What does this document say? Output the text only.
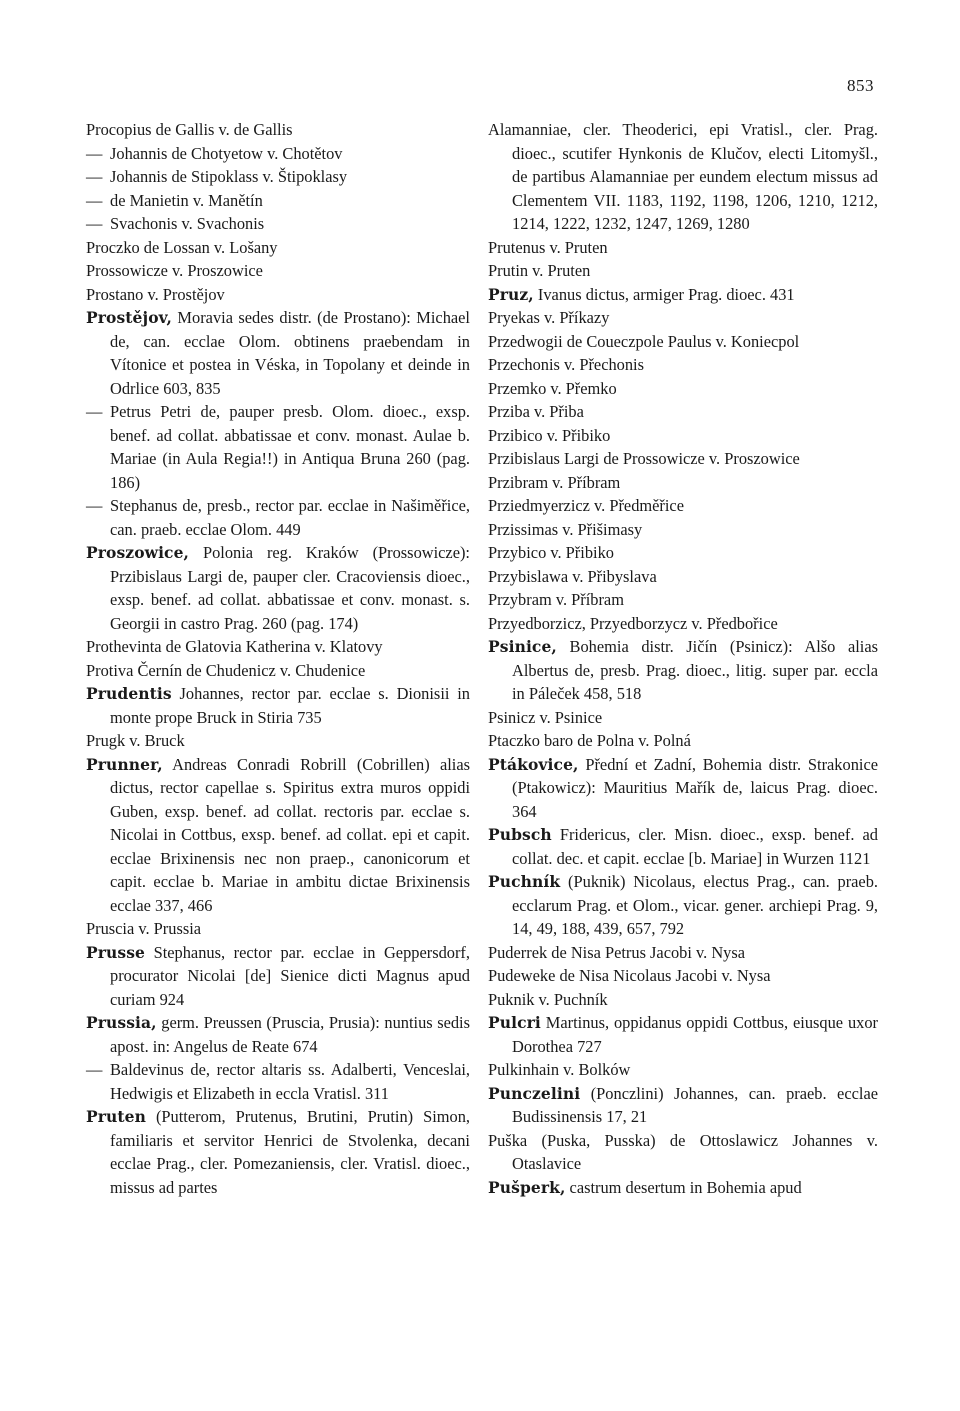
853
Procopius de Gallis v. de Gallis
— Johannis de Chotyetow v. Chotětov
— Johannis de Stipoklass v. Štipoklasy
— de Manietin v. Manětín
— Svachonis v. Svachonis
Proczko de Lossan v. Lošany
Prossowicze v. Proszowice
Prostano v. Prostějov
Prostějov, Moravia sedes distr. (de Prostano): Michael de, can. ecclae Olom. obtinens praebendam in Vítonice et postea in Véska, in Topolany et deinde in Odrlice 603, 835
— Petrus Petri de, pauper presb. Olom. dioec., exsp. benef. ad collat. abbatissae et conv. monast. Aulae b. Mariae (in Aula Regia!!) in Antiqua Bruna 260 (pag. 186)
— Stephanus de, presb., rector par. ecclae in Našiměřice, can. praeb. ecclae Olom. 449
Proszowice, Polonia reg. Kraków (Prossowicze): Przibislaus Largi de, pauper cler. Cracoviensis dioec., exsp. benef. ad collat. abbatissae et conv. monast. s. Georgii in castro Prag. 260 (pag. 174)
Prothevinta de Glatovia Katherina v. Klatovy
Protiva Černín de Chudenicz v. Chudenice
Prudentis Johannes, rector par. ecclae s. Dionisii in monte prope Bruck in Stiria 735
Prugk v. Bruck
Prunner, Andreas Conradi Robrill (Cobrillen) alias dictus, rector capellae s. Spiritus extra muros oppidi Guben, exsp. benef. ad collat. rectoris par. ecclae s. Nicolai in Cottbus, exsp. benef. ad collat. epi et capit. ecclae Brixinensis nec non praep., canonicorum et capit. ecclae b. Mariae in ambitu dictae Brixinensis ecclae 337, 466
Pruscia v. Prussia
Prusse Stephanus, rector par. ecclae in Geppersdorf, procurator Nicolai [de] Sienice dicti Magnus apud curiam 924
Prussia, germ. Preussen (Pruscia, Prusia): nuntius sedis apost. in: Angelus de Reate 674
— Baldevinus de, rector altaris ss. Adalberti, Venceslai, Hedwigis et Elizabeth in eccla Vratisl. 311
Pruten (Putterom, Prutenus, Brutini, Prutin) Simon, familiaris et servitor Henrici de Stvolenka, decani ecclae Prag., cler. Pomezaniensis, cler. Vratisl. dioec., missus ad partes
Alamanniae, cler. Theoderici, epi Vratisl., cler. Prag. dioec., scutifer Hynkonis de Klučov, electi Litomyšl., de partibus Alamanniae per eundem electum missus ad Clementem VII. 1183, 1192, 1198, 1206, 1210, 1212, 1214, 1222, 1232, 1247, 1269, 1280
Prutenus v. Pruten
Prutin v. Pruten
Pruz, Ivanus dictus, armiger Prag. dioec. 431
Pryekas v. Příkazy
Przedwogii de Coueczpole Paulus v. Koniecpol
Przechonis v. Přechonis
Przemko v. Přemko
Prziba v. Přiba
Przibico v. Přibiko
Przibislaus Largi de Prossowicze v. Proszowice
Przibram v. Příbram
Prziedmyerzicz v. Předměřice
Przissimas v. Přišimasy
Przybico v. Přibiko
Przybislawa v. Přibyslava
Przybram v. Příbram
Przyedborzicz, Przyedborzycz v. Předbořice
Psinice, Bohemia distr. Jičín (Psinicz): Alšo alias Albertus de, presb. Prag. dioec., litig. super par. eccla in Páleček 458, 518
Psinicz v. Psinice
Ptaczko baro de Polna v. Polná
Ptákovice, Přední et Zadní, Bohemia distr. Strakonice (Ptakowicz): Mauritius Mařík de, laicus Prag. dioec. 364
Pubsch Fridericus, cler. Misn. dioec., exsp. benef. ad collat. dec. et capit. ecclae [b. Mariae] in Wurzen 1121
Puchník (Puknik) Nicolaus, electus Prag., can. praeb. ecclarum Prag. et Olom., vicar. gener. archiepi Prag. 9, 14, 49, 188, 439, 657, 792
Puderrek de Nisa Petrus Jacobi v. Nysa
Pudeweke de Nisa Nicolaus Jacobi v. Nysa
Puknik v. Puchník
Pulcri Martinus, oppidanus oppidi Cottbus, eiusque uxor Dorothea 727
Pulkinhain v. Bolków
Punczelini (Ponczlini) Johannes, can. praeb. ecclae Budissinensis 17, 21
Puška (Puska, Pusska) de Ottoslawicz Johannes v. Otaslavice
Pušperk, castrum desertum in Bohemia apud
